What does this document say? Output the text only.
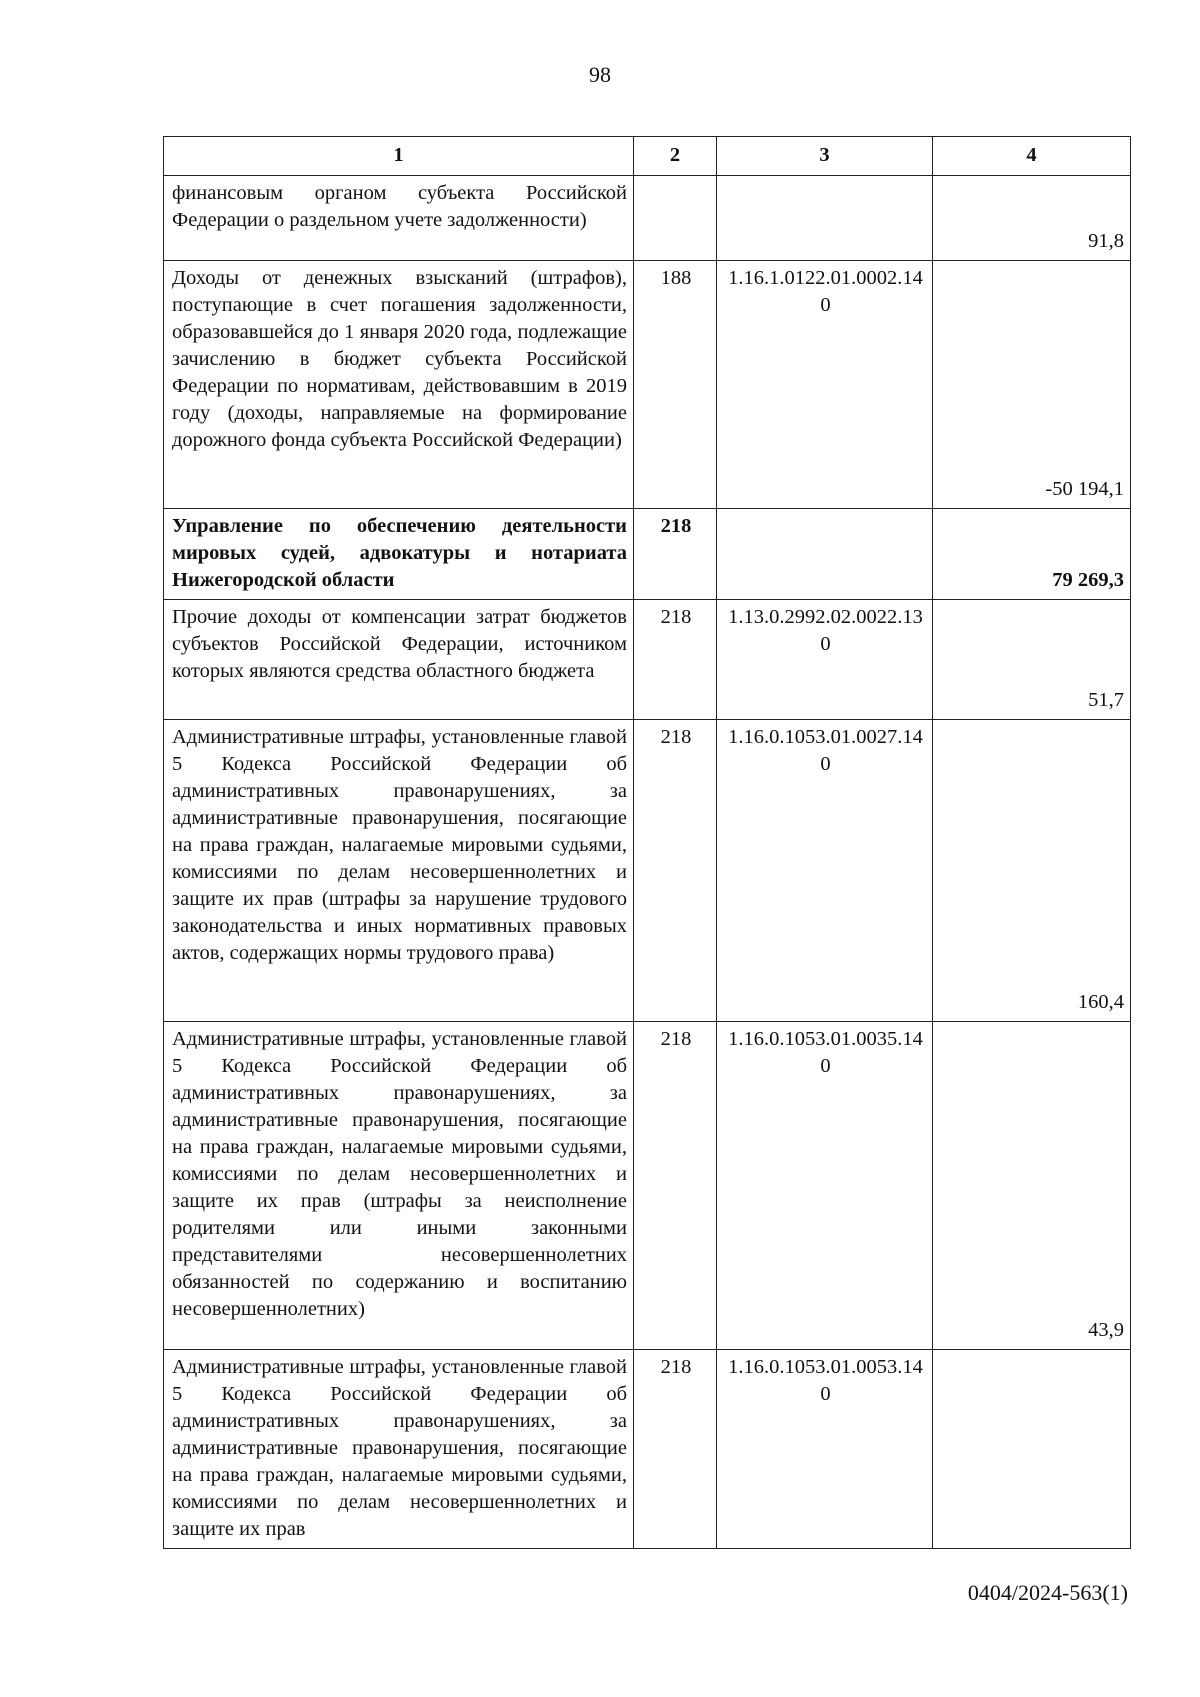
98
1	2	3	4
финансовым органом субъекта Российской Федерации о раздельном учете задолженности)			91,8
Доходы от денежных взысканий (штрафов), поступающие в счет погашения задолженности, образовавшейся до 1 января 2020 года, подлежащие зачислению в бюджет субъекта Российской Федерации по нормативам, действовавшим в 2019 году (доходы, направляемые на формирование дорожного фонда субъекта Российской Федерации)	188	1.16.1.0122.01.0002.140	-50 194,1
Управление по обеспечению деятельности мировых судей, адвокатуры и нотариата Нижегородской области	218		79 269,3
Прочие доходы от компенсации затрат бюджетов субъектов Российской Федерации, источником которых являются средства областного бюджета	218	1.13.0.2992.02.0022.130	51,7
Административные штрафы, установленные главой 5 Кодекса Российской Федерации об административных правонарушениях, за административные правонарушения, посягающие на права граждан, налагаемые мировыми судьями, комиссиями по делам несовершеннолетних и защите их прав (штрафы за нарушение трудового законодательства и иных нормативных правовых актов, содержащих нормы трудового права)	218	1.16.0.1053.01.0027.140	160,4
Административные штрафы, установленные главой 5 Кодекса Российской Федерации об административных правонарушениях, за административные правонарушения, посягающие на права граждан, налагаемые мировыми судьями, комиссиями по делам несовершеннолетних и защите их прав (штрафы за неисполнение родителями или иными законными представителями несовершеннолетних обязанностей по содержанию и воспитанию несовершеннолетних)	218	1.16.0.1053.01.0035.140	43,9
Административные штрафы, установленные главой 5 Кодекса Российской Федерации об административных правонарушениях, за административные правонарушения, посягающие на права граждан, налагаемые мировыми судьями, комиссиями по делам несовершеннолетних и защите их прав	218	1.16.0.1053.01.0053.140	
0404/2024-563(1)
